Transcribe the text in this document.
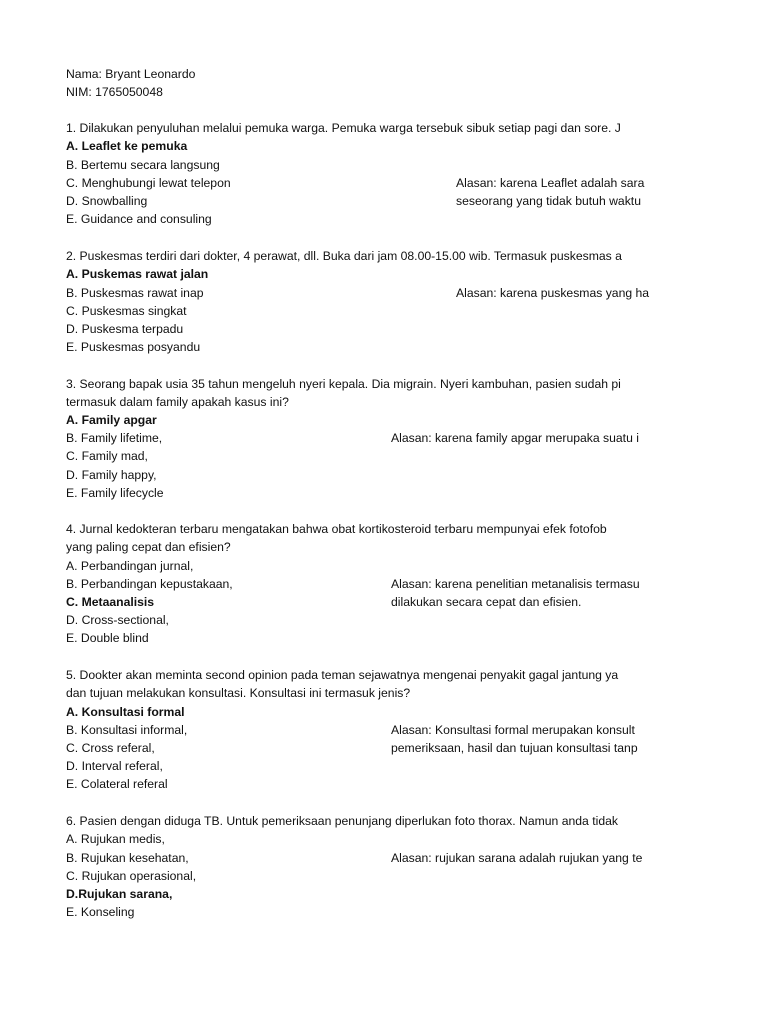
Nama: Bryant Leonardo
NIM: 1765050048
1. Dilakukan penyuluhan melalui pemuka warga. Pemuka warga tersebuk sibuk setiap pagi dan sore. J
A. Leaflet ke pemuka
B. Bertemu secara langsung
C. Menghubungi lewat telepon
D. Snowballing
E. Guidance and consuling
Alasan: karena Leaflet adalah sara
seseorang yang tidak butuh waktu
2. Puskesmas terdiri dari dokter, 4 perawat, dll. Buka dari jam 08.00-15.00 wib. Termasuk puskesmas a
A. Puskemas rawat jalan
B. Puskesmas rawat inap
C. Puskesmas singkat
D. Puskesma terpadu
E. Puskesmas posyandu
Alasan: karena puskesmas yang ha
3. Seorang bapak usia 35 tahun mengeluh nyeri kepala. Dia migrain. Nyeri kambuhan, pasien sudah pi
termasuk dalam family apakah kasus ini?
A. Family apgar
B. Family lifetime,
C. Family mad,
D. Family happy,
E. Family lifecycle
Alasan: karena family apgar merupaka suatu i
4. Jurnal kedokteran terbaru mengatakan bahwa obat kortikosteroid terbaru mempunyai efek fotofob
yang paling cepat dan efisien?
A. Perbandingan jurnal,
B. Perbandingan kepustakaan,
C. Metaanalisis
D. Cross-sectional,
E. Double blind
Alasan: karena penelitian metanalisis termasu
dilakukan secara cepat dan efisien.
5. Dookter akan meminta second opinion pada teman sejawatnya mengenai penyakit gagal jantung ya
dan tujuan melakukan konsultasi. Konsultasi ini termasuk jenis?
A. Konsultasi formal
B. Konsultasi informal,
C. Cross referal,
D. Interval referal,
E. Colateral referal
Alasan: Konsultasi formal merupakan konsult
pemeriksaan, hasil dan tujuan konsultasi tanp
6. Pasien dengan diduga TB. Untuk pemeriksaan penunjang diperlukan foto thorax. Namun anda tidak
A. Rujukan medis,
B. Rujukan kesehatan,
C. Rujukan operasional,
D.Rujukan sarana,
E. Konseling
Alasan: rujukan sarana adalah rujukan yang te
